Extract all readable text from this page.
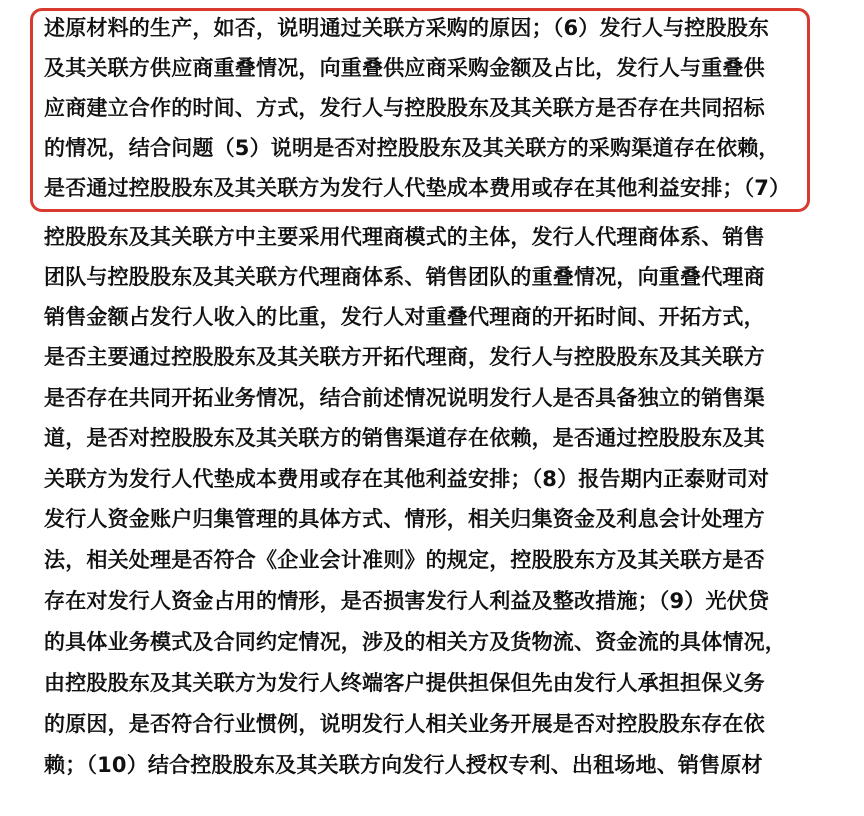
述原材料的生产，如否，说明通过关联方采购的原因；（6）发行人与控股股东
及其关联方供应商重叠情况，向重叠供应商采购金额及占比，发行人与重叠供
应商建立合作的时间、方式，发行人与控股股东及其关联方是否存在共同招标
的情况，结合问题（5）说明是否对控股股东及其关联方的采购渠道存在依赖，
是否通过控股股东及其关联方为发行人代垫成本费用或存在其他利益安排；（7）
控股股东及其关联方中主要采用代理商模式的主体，发行人代理商体系、销售
团队与控股股东及其关联方代理商体系、销售团队的重叠情况，向重叠代理商
销售金额占发行人收入的比重，发行人对重叠代理商的开拓时间、开拓方式，
是否主要通过控股股东及其关联方开拓代理商，发行人与控股股东及其关联方
是否存在共同开拓业务情况，结合前述情况说明发行人是否具备独立的销售渠
道，是否对控股股东及其关联方的销售渠道存在依赖，是否通过控股股东及其
关联方为发行人代垫成本费用或存在其他利益安排；（8）报告期内正泰财司对
发行人资金账户归集管理的具体方式、情形，相关归集资金及利息会计处理方
法，相关处理是否符合《企业会计准则》的规定，控股股东方及其关联方是否
存在对发行人资金占用的情形，是否损害发行人利益及整改措施；（9）光伏贷
的具体业务模式及合同约定情况，涉及的相关方及货物流、资金流的具体情况，
由控股股东及其关联方为发行人终端客户提供担保但先由发行人承担担保义务
的原因，是否符合行业惯例，说明发行人相关业务开展是否对控股股东存在依
赖；（10）结合控股股东及其关联方向发行人授权专利、出租场地、销售原材
